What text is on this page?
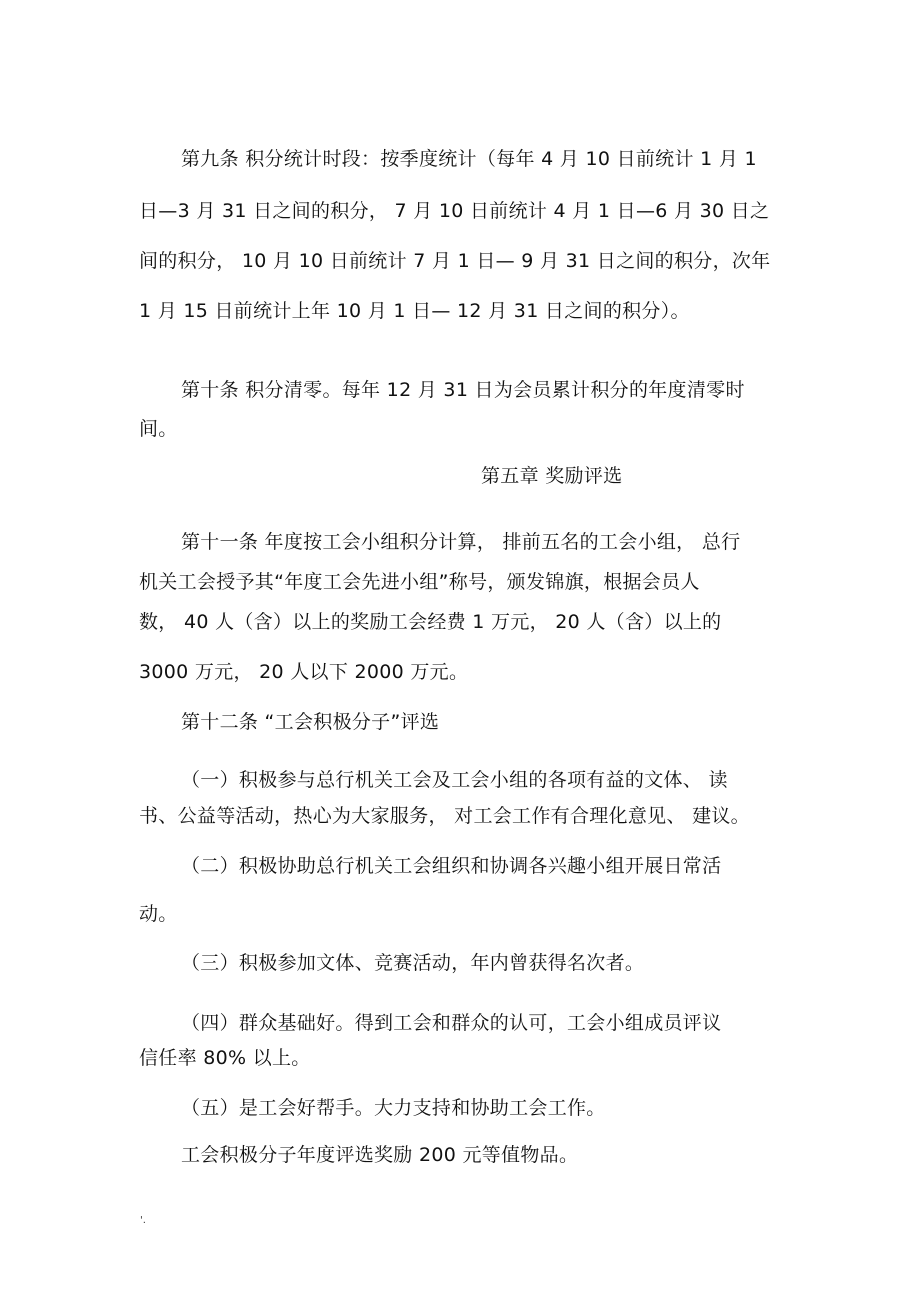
第九条 积分统计时段：按季度统计（每年 4 月 10 日前统计 1 月 1
日—3 月 31 日之间的积分， 7 月 10 日前统计 4 月 1 日—6 月 30 日之
间的积分， 10 月 10 日前统计 7 月 1 日— 9 月 31 日之间的积分，次年
1 月 15 日前统计上年 10 月 1 日— 12 月 31 日之间的积分）。
第十条 积分清零。每年 12 月 31 日为会员累计积分的年度清零时
间。
第五章 奖励评选
第十一条 年度按工会小组积分计算， 排前五名的工会小组， 总行
机关工会授予其“年度工会先进小组”称号，颁发锦旗，根据会员人
数， 40 人（含）以上的奖励工会经费 1 万元， 20 人（含）以上的
3000 万元， 20 人以下 2000 万元。
第十二条 “工会积极分子”评选
（一）积极参与总行机关工会及工会小组的各项有益的文体、 读
书、公益等活动，热心为大家服务， 对工会工作有合理化意见、 建议。
（二）积极协助总行机关工会组织和协调各兴趣小组开展日常活
动。
（三）积极参加文体、竞赛活动，年内曾获得名次者。
（四）群众基础好。得到工会和群众的认可，工会小组成员评议
信任率 80% 以上。
（五）是工会好帮手。大力支持和协助工会工作。
工会积极分子年度评选奖励 200 元等值物品。
'.
